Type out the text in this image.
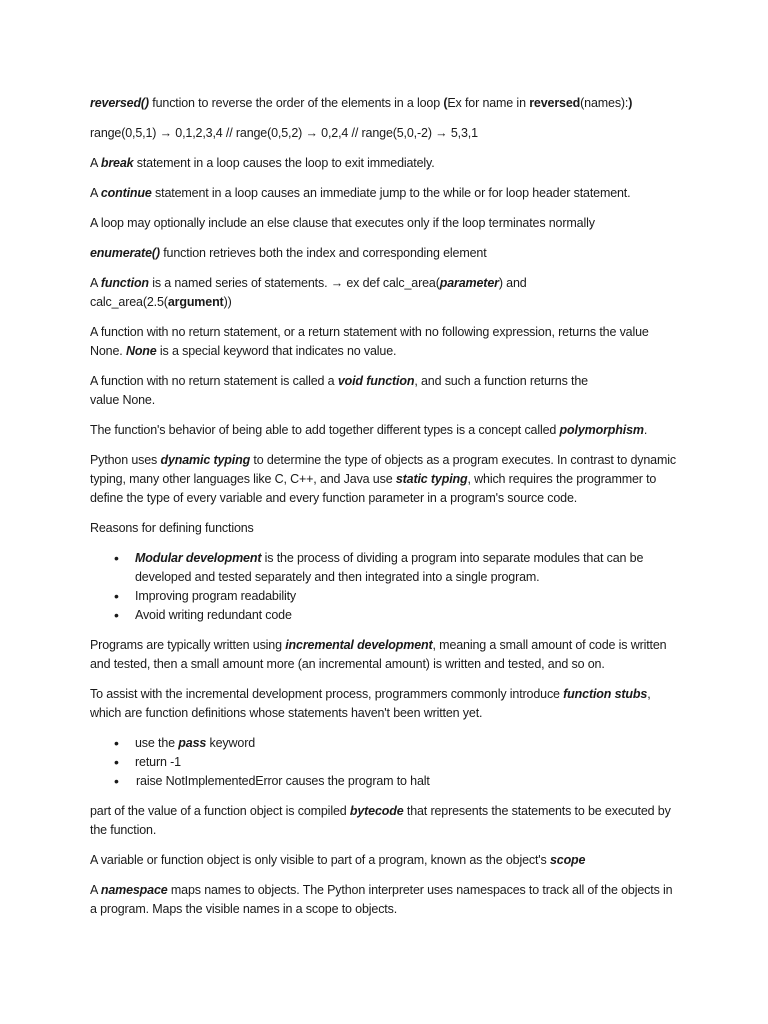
reversed() function to reverse the order of the elements in a loop (Ex for name in reversed(names):)

range(0,5,1) → 0,1,2,3,4 // range(0,5,2) → 0,2,4 // range(5,0,-2) → 5,3,1

A break statement in a loop causes the loop to exit immediately.

A continue statement in a loop causes an immediate jump to the while or for loop header statement.

A loop may optionally include an else clause that executes only if the loop terminates normally

enumerate() function retrieves both the index and corresponding element

A function is a named series of statements. → ex def calc_area(parameter) and
calc_area(2.5(argument))

A function with no return statement, or a return statement with no following expression, returns the value None. None is a special keyword that indicates no value.

A function with no return statement is called a void function, and such a function returns the
value None.

The function's behavior of being able to add together different types is a concept called polymorphism.

Python uses dynamic typing to determine the type of objects as a program executes. In contrast to dynamic typing, many other languages like C, C++, and Java use static typing, which requires the programmer to define the type of every variable and every function parameter in a program's source code.

Reasons for defining functions

• Modular development is the process of dividing a program into separate modules that can be developed and tested separately and then integrated into a single program.
• Improving program readability
• Avoid writing redundant code

Programs are typically written using incremental development, meaning a small amount of code is written and tested, then a small amount more (an incremental amount) is written and tested, and so on.

To assist with the incremental development process, programmers commonly introduce function stubs, which are function definitions whose statements haven't been written yet.

• use the pass keyword
• return -1
• raise NotImplementedError causes the program to halt

part of the value of a function object is compiled bytecode that represents the statements to be executed by the function.

A variable or function object is only visible to part of a program, known as the object's scope

A namespace maps names to objects. The Python interpreter uses namespaces to track all of the objects in a program. Maps the visible names in a scope to objects.
